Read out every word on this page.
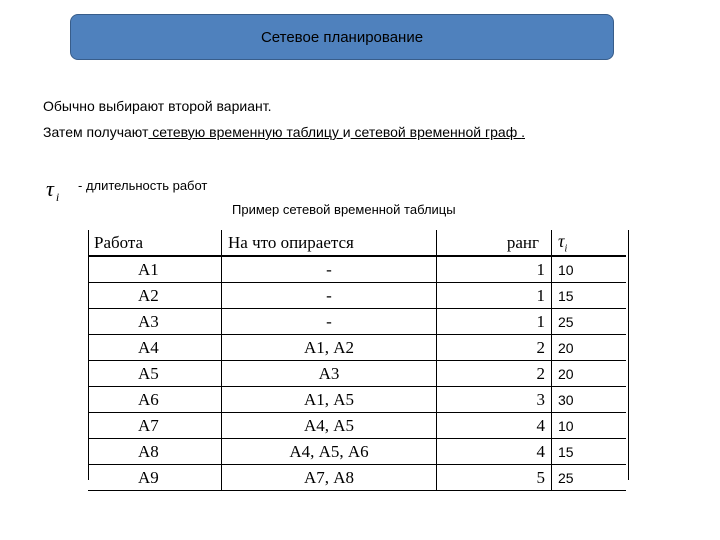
Сетевое планирование
Обычно выбирают второй вариант.
Затем получают сетевую временную таблицу и сетевой временной граф .
τ $_i$
- длительность работ
Пример сетевой временной таблицы
Работа	На что опирается	ранг	$\tau_i$
А1	-	1	10
А2	-	1	15
А3	-	1	25
А4	А1, А2	2	20
А5	А3	2	20
А6	А1, А5	3	30
А7	А4, А5	4	10
А8	А4, А5, А6	4	15
А9	А7, А8	5	25
